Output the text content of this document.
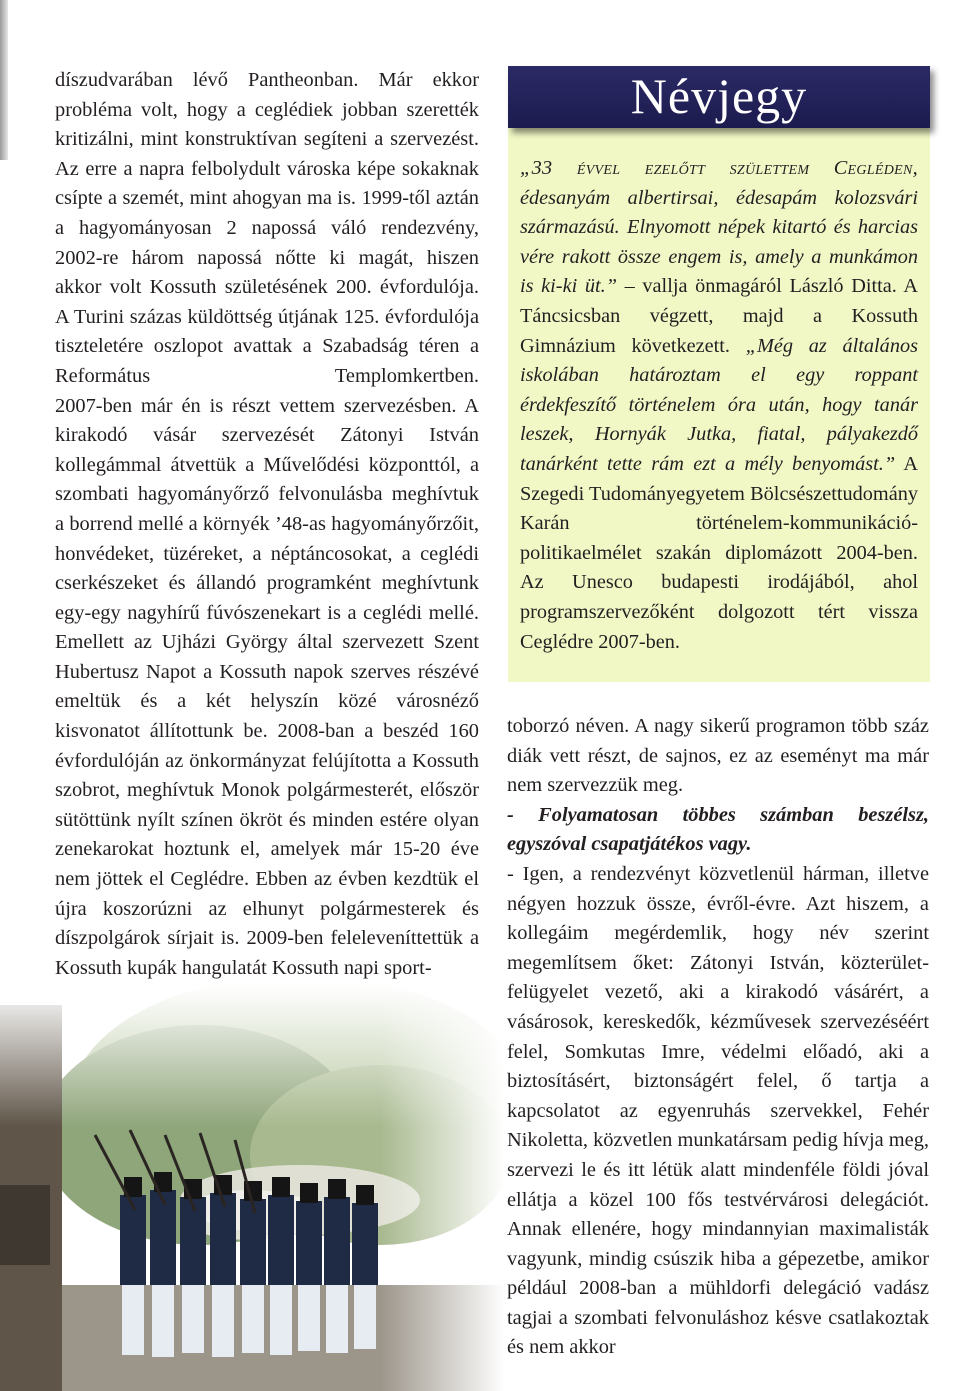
díszudvarában lévő Pantheonban. Már ekkor probléma volt, hogy a ceglédiek jobban szerették kritizálni, mint konstruktívan segíteni a szervezést. Az erre a napra felbolydult városka képe sokaknak csípte a szemét, mint ahogyan ma is. 1999-től aztán a hagyományosan 2 napossá váló rendezvény, 2002-re három napossá nőtte ki magát, hiszen akkor volt Kossuth születésének 200. évfordulója. A Turini százas küldöttség útjának 125. évfordulója tiszteletére oszlopot avattak a Szabadság téren a Református Templomkertben.

2007-ben már én is részt vettem szervezésben. A kirakodó vásár szervezését Zátonyi István kollegámmal átvettük a Művelődési központtól, a szombati hagyományőrző felvonulásba meghívtuk a borrend mellé a környék ’48-as hagyományőrzőit, honvédeket, tüzéreket, a néptáncosokat, a ceglédi cserkészeket és állandó programként meghívtunk egy-egy nagyhírű fúvószenekart is a ceglédi mellé. Emellett az Ujházi György által szervezett Szent Hubertusz Napot a Kossuth napok szerves részévé emeltük és a két helyszín közé városnéző kisvonatot állítottunk be. 2008-ban a beszéd 160 évfordulóján az önkormányzat felújította a Kossuth szobrot, meghívtuk Monok polgármesterét, először sütöttünk nyílt színen ökröt és minden estére olyan zenekarokat hoztunk el, amelyek már 15-20 éve nem jöttek el Ceglédre. Ebben az évben kezdtük el újra koszorúzni az elhunyt polgármesterek és díszpolgárok sírjait is. 2009-ben feleleveníttettük a Kossuth kupák hangulatát Kossuth napi sport-

„33 évvel ezelőtt születtem Cegléden, édesanyám albertirsai, édesapám kolozsvári származású. Elnyomott népek kitartó és harcias vére rakott össze engem is, amely a munkámon is ki-ki üt.” – vallja önmagáról László Ditta. A Táncsicsban végzett, majd a Kossuth Gimnázium következett. „Még az általános iskolában határoztam el egy roppant érdekfeszítő történelem óra után, hogy tanár leszek, Hornyák Jutka, fiatal, pályakezdő tanárként tette rám ezt a mély benyomást.” A Szegedi Tudományegyetem Bölcsészettudomány Karán történelem-kommunikáció-politikaelmélet szakán diplomázott 2004-ben. Az Unesco budapesti irodájából, ahol programszervezőként dolgozott tért vissza Ceglédre 2007-ben.

Névjegy

toborzó néven. A nagy sikerű programon több száz diák vett részt, de sajnos, ez az eseményt ma már nem szervezzük meg.

- Folyamatosan többes számban beszélsz, egyszóval csapatjátékos vagy.

- Igen, a rendezvényt közvetlenül hárman, illetve négyen hozzuk össze, évről-évre. Azt hiszem, a kollegáim megérdemlik, hogy név szerint megemlítsem őket: Zátonyi István, közterület-felügyelet vezető, aki a kirakodó vásárért, a vásárosok, kereskedők, kézművesek szervezéséért felel, Somkutas Imre, védelmi előadó, aki a biztosításért, biztonságért felel, ő tartja a kapcsolatot az egyenruhás szervekkel, Fehér Nikoletta, közvetlen munkatársam pedig hívja meg, szervezi le és itt létük alatt mindenféle földi jóval ellátja a közel 100 fős testvérvárosi delegációt. Annak ellenére, hogy mindannyian maximalisták vagyunk, mindig csúszik hiba a gépezetbe, amikor például 2008-ban a mühldorfi delegáció vadász tagjai a szombati felvonuláshoz késve csatlakoztak és nem akkor
